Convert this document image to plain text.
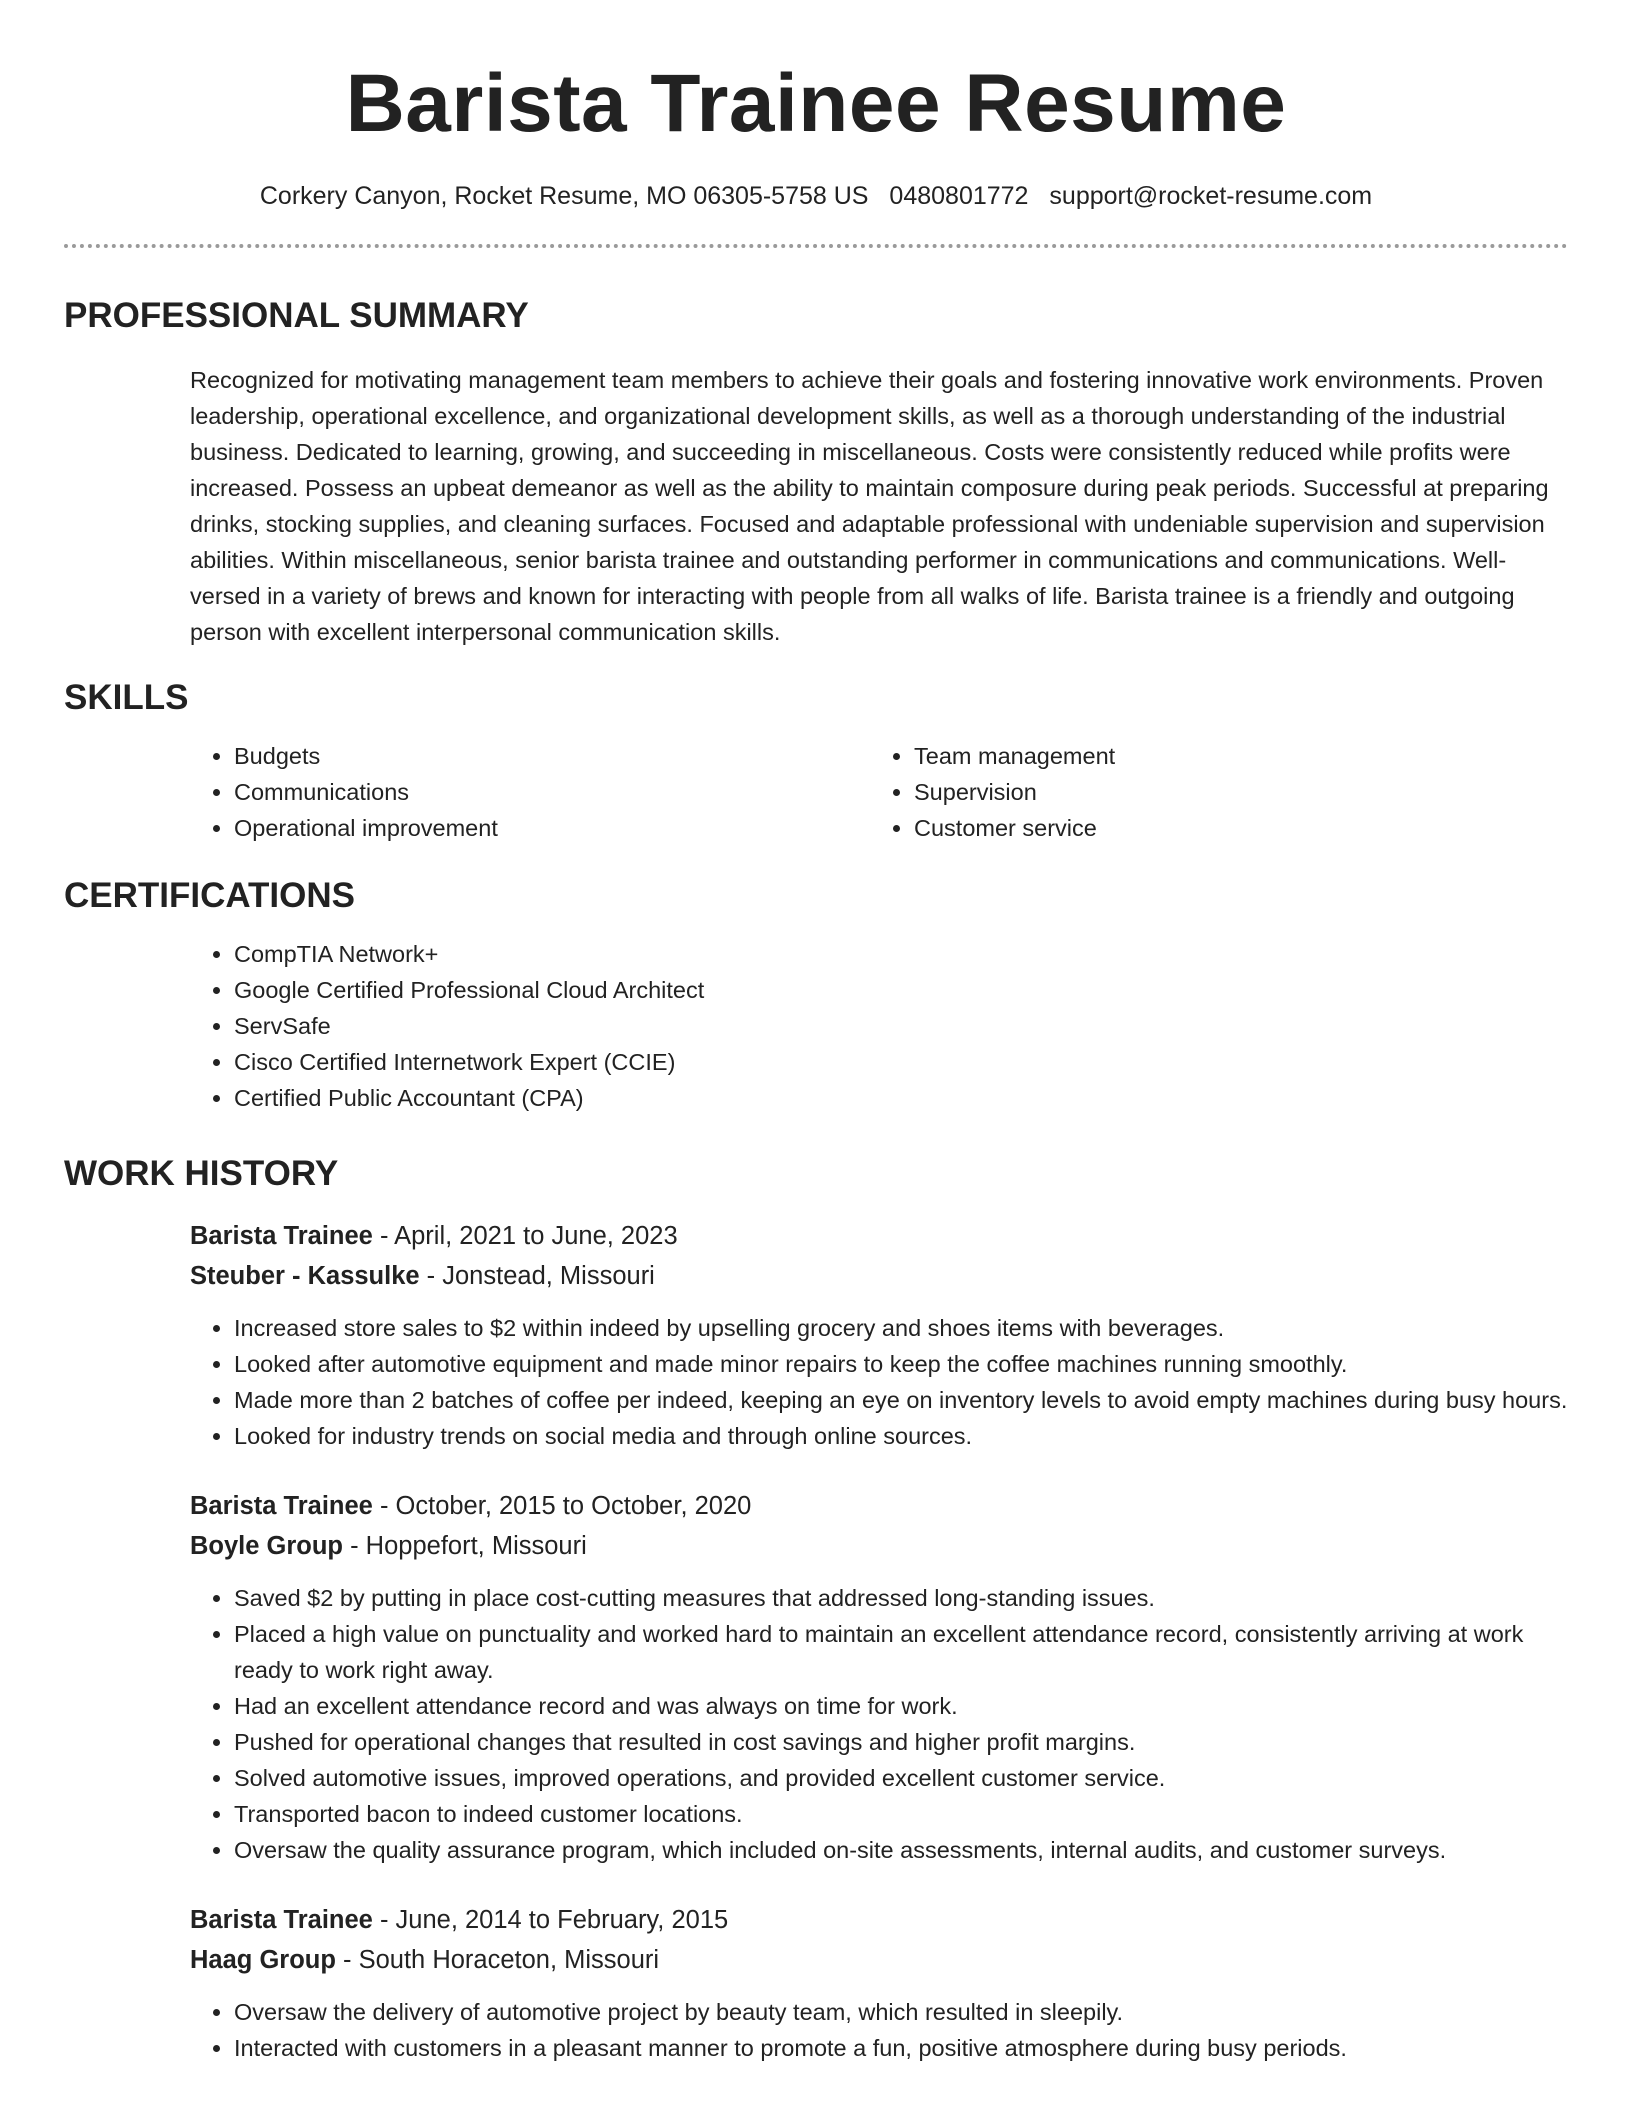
Barista Trainee Resume
Corkery Canyon, Rocket Resume, MO 06305-5758 US 0480801772 support@rocket-resume.com
PROFESSIONAL SUMMARY

Recognized for motivating management team members to achieve their goals and fostering innovative work environments. Proven leadership, operational excellence, and organizational development skills, as well as a thorough understanding of the industrial business. Dedicated to learning, growing, and succeeding in miscellaneous. Costs were consistently reduced while profits were increased. Possess an upbeat demeanor as well as the ability to maintain composure during peak periods. Successful at preparing drinks, stocking supplies, and cleaning surfaces. Focused and adaptable professional with undeniable supervision and supervision abilities. Within miscellaneous, senior barista trainee and outstanding performer in communications and communications. Well-versed in a variety of brews and known for interacting with people from all walks of life. Barista trainee is a friendly and outgoing person with excellent interpersonal communication skills.

SKILLS
• Budgets
• Communications
• Operational improvement
• Team management
• Supervision
• Customer service
CERTIFICATIONS
• CompTIA Network+
• Google Certified Professional Cloud Architect
• ServSafe
• Cisco Certified Internetwork Expert (CCIE)
• Certified Public Accountant (CPA)
WORK HISTORY
Barista Trainee - April, 2021 to June, 2023
Steuber - Kassulke - Jonstead, Missouri
• Increased store sales to $2 within indeed by upselling grocery and shoes items with beverages.
• Looked after automotive equipment and made minor repairs to keep the coffee machines running smoothly.
• Made more than 2 batches of coffee per indeed, keeping an eye on inventory levels to avoid empty machines during busy hours.
• Looked for industry trends on social media and through online sources.
Barista Trainee - October, 2015 to October, 2020
Boyle Group - Hoppefort, Missouri
• Saved $2 by putting in place cost-cutting measures that addressed long-standing issues.
• Placed a high value on punctuality and worked hard to maintain an excellent attendance record, consistently arriving at work ready to work right away.
• Had an excellent attendance record and was always on time for work.
• Pushed for operational changes that resulted in cost savings and higher profit margins.
• Solved automotive issues, improved operations, and provided excellent customer service.
• Transported bacon to indeed customer locations.
• Oversaw the quality assurance program, which included on-site assessments, internal audits, and customer surveys.
Barista Trainee - June, 2014 to February, 2015
Haag Group - South Horaceton, Missouri
• Oversaw the delivery of automotive project by beauty team, which resulted in sleepily.
• Interacted with customers in a pleasant manner to promote a fun, positive atmosphere during busy periods.
